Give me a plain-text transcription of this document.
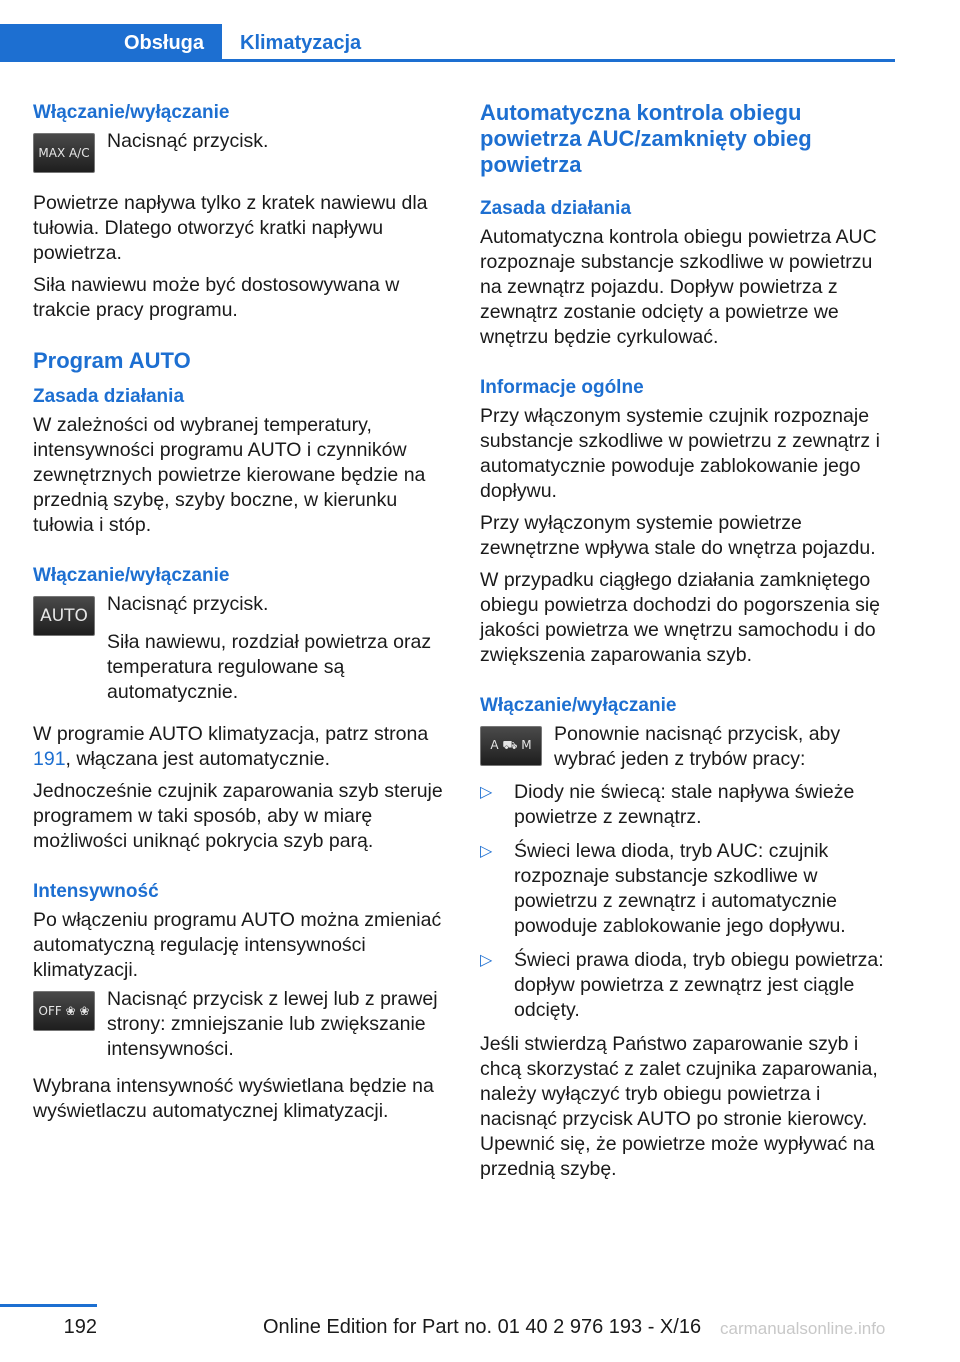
Obsługa	Klimatyzacja
Włączanie/wyłączanie
MAX A/C
Nacisnąć przycisk.

Powietrze napływa tylko z kratek nawiewu dla tułowia. Dlatego otworzyć kratki napływu powietrza.

Siła nawiewu może być dostosowywana w trakcie pracy programu.

Program AUTO
Zasada działania

W zależności od wybranej temperatury, intensywności programu AUTO i czynników zewnętrznych powietrze kierowane będzie na przednią szybę, szyby boczne, w kierunku tułowia i stóp.

Włączanie/wyłączanie
AUTO
Nacisnąć przycisk.

Siła nawiewu, rozdział powietrza oraz temperatura regulowane są automatycznie.

W programie AUTO klimatyzacja, patrz strona 191, włączana jest automatycznie.

Jednocześnie czujnik zaparowania szyb steruje programem w taki sposób, aby w miarę możliwości uniknąć pokrycia szyb parą.

Intensywność

Po włączeniu programu AUTO można zmieniać automatyczną regulację intensywności klimatyzacji.

OFF ❀ ❀
Nacisnąć przycisk z lewej lub z prawej strony: zmniejszanie lub zwiększanie intensywności.

Wybrana intensywność wyświetlana będzie na wyświetlaczu automatycznej klimatyzacji.

Automatyczna kontrola obiegu powietrza AUC/zamknięty obieg powietrza
Zasada działania

Automatyczna kontrola obiegu powietrza AUC rozpoznaje substancje szkodliwe w powietrzu na zewnątrz pojazdu. Dopływ powietrza z zewnątrz zostanie odcięty a powietrze we wnętrzu będzie cyrkulować.

Informacje ogólne

Przy włączonym systemie czujnik rozpoznaje substancje szkodliwe w powietrzu z zewnątrz i automatycznie powoduje zablokowanie jego dopływu.

Przy wyłączonym systemie powietrze zewnętrzne wpływa stale do wnętrza pojazdu.

W przypadku ciągłego działania zamkniętego obiegu powietrza dochodzi do pogorszenia się jakości powietrza we wnętrzu samochodu i do zwiększenia zaparowania szyb.

Włączanie/wyłączanie
A ⛟ M	Ponownie nacisnąć przycisk, aby wybrać jeden z trybów pracy:
▷ Diody nie świecą: stale napływa świeże powietrze z zewnątrz.
▷ Świeci lewa dioda, tryb AUC: czujnik rozpoznaje substancje szkodliwe w powietrzu z zewnątrz i automatycznie powoduje zablokowanie jego dopływu.
▷ Świeci prawa dioda, tryb obiegu powietrza: dopływ powietrza z zewnątrz jest ciągle odcięty.

Jeśli stwierdzą Państwo zaparowanie szyb i chcą skorzystać z zalet czujnika zaparowania, należy wyłączyć tryb obiegu powietrza i nacisnąć przycisk AUTO po stronie kierowcy. Upewnić się, że powietrze może wypływać na przednią szybę.

192	Online Edition for Part no. 01 40 2 976 193 - X/16 carmanualsonline.info
